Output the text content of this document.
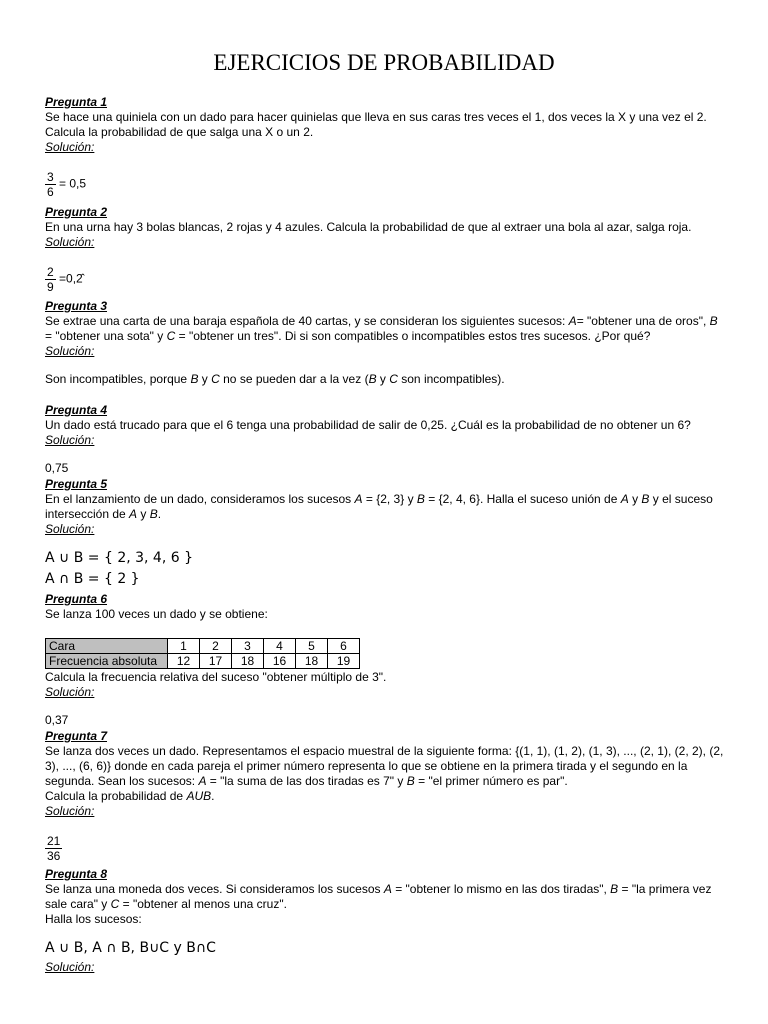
EJERCICIOS DE PROBABILIDAD
Pregunta 1
Se hace una quiniela con un dado para hacer quinielas que lleva en sus caras tres veces el 1, dos veces la X y una vez el 2. Calcula la probabilidad de que salga una X o un 2.
Solución:
$\frac{3}{6} = 0,5$
Pregunta 2
En una urna hay 3 bolas blancas, 2 rojas y 4 azules. Calcula la probabilidad de que al extraer una bola al azar, salga roja.
Solución:
$\frac{2}{9}$ =0,2̂
Pregunta 3
Se extrae una carta de una baraja española de 40 cartas, y se consideran los siguientes sucesos: A= "obtener una de oros", B = "obtener una sota" y C = "obtener un tres". Di si son compatibles o incompatibles estos tres sucesos. ¿Por qué?
Solución:
Son incompatibles, porque B y C no se pueden dar a la vez (B y C son incompatibles).
Pregunta 4
Un dado está trucado para que el 6 tenga una probabilidad de salir de 0,25. ¿Cuál es la probabilidad de no obtener un 6?
Solución:
0,75
Pregunta 5
En el lanzamiento de un dado, consideramos los sucesos A = {2, 3} y B = {2, 4, 6}. Halla el suceso unión de A y B y el suceso intersección de A y B.
Solución:
A ∪ B = { 2, 3, 4, 6 }
A ∩ B = { 2 }
Pregunta 6
Se lanza 100 veces un dado y se obtiene:
Cara	1	2	3	4	5	6
Frecuencia absoluta	12	17	18	16	18	19
Calcula la frecuencia relativa del suceso "obtener múltiplo de 3".
Solución:
0,37
Pregunta 7
Se lanza dos veces un dado. Representamos el espacio muestral de la siguiente forma: {(1, 1), (1, 2), (1, 3), ..., (2, 1), (2, 2), (2, 3), ..., (6, 6)} donde en cada pareja el primer número representa lo que se obtiene en la primera tirada y el segundo en la segunda. Sean los sucesos: A = "la suma de las dos tiradas es 7" y B = "el primer número es par".
Calcula la probabilidad de AUB.
Solución:
$\frac{21}{36}$
Pregunta 8
Se lanza una moneda dos veces. Si consideramos los sucesos A = "obtener lo mismo en las dos tiradas", B = "la primera vez sale cara" y C = "obtener al menos una cruz".
Halla los sucesos:
A ∪ B, A ∩ B, B∪C y B∩C
Solución:
